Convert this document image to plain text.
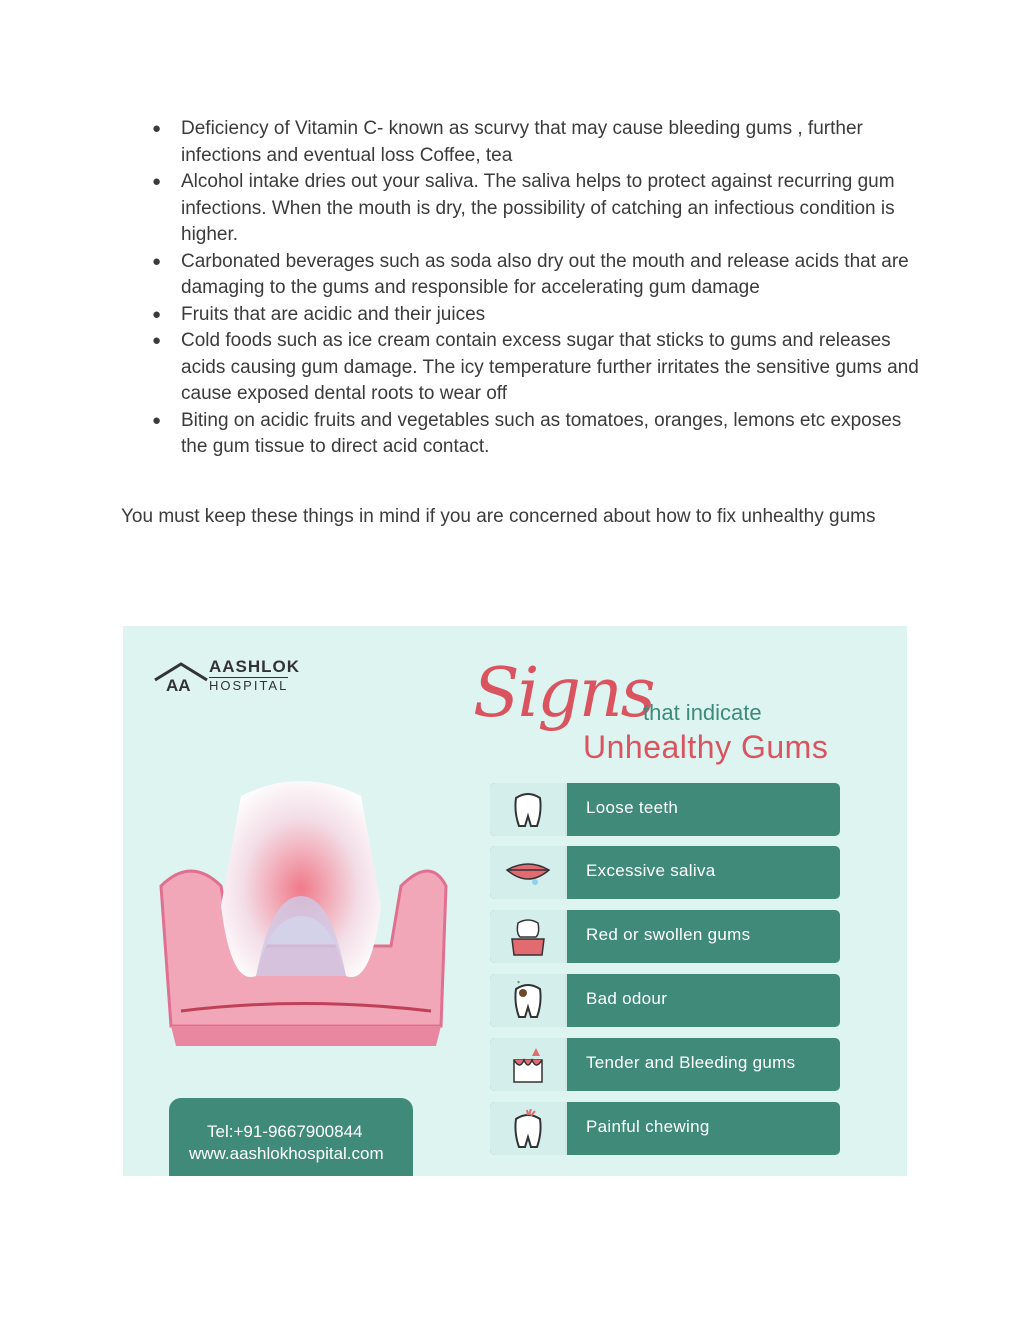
● Deficiency of Vitamin C- known as scurvy that may cause bleeding gums , further infections and eventual loss Coffee, tea
● Alcohol intake dries out your saliva. The saliva helps to protect against recurring gum infections. When the mouth is dry, the possibility of catching an infectious condition is higher.
● Carbonated beverages such as soda also dry out the mouth and release acids that are damaging to the gums and responsible for accelerating gum damage
● Fruits that are acidic and their juices
● Cold foods such as ice cream contain excess sugar that sticks to gums and releases acids causing gum damage. The icy temperature further irritates the sensitive gums and cause exposed dental roots to wear off
● Biting on acidic fruits and vegetables such as tomatoes, oranges, lemons etc exposes the gum tissue to direct acid contact.

You must keep these things in mind if you are concerned about how to fix unhealthy gums

AA
AASHLOK
HOSPITAL	Signs
that indicate
Unhealthy Gums
Loose teeth
Excessive saliva
Red or swollen gums
Bad odour
Tender and Bleeding gums
Painful chewing
Tel:+91-9667900844
www.aashlokhospital.com
